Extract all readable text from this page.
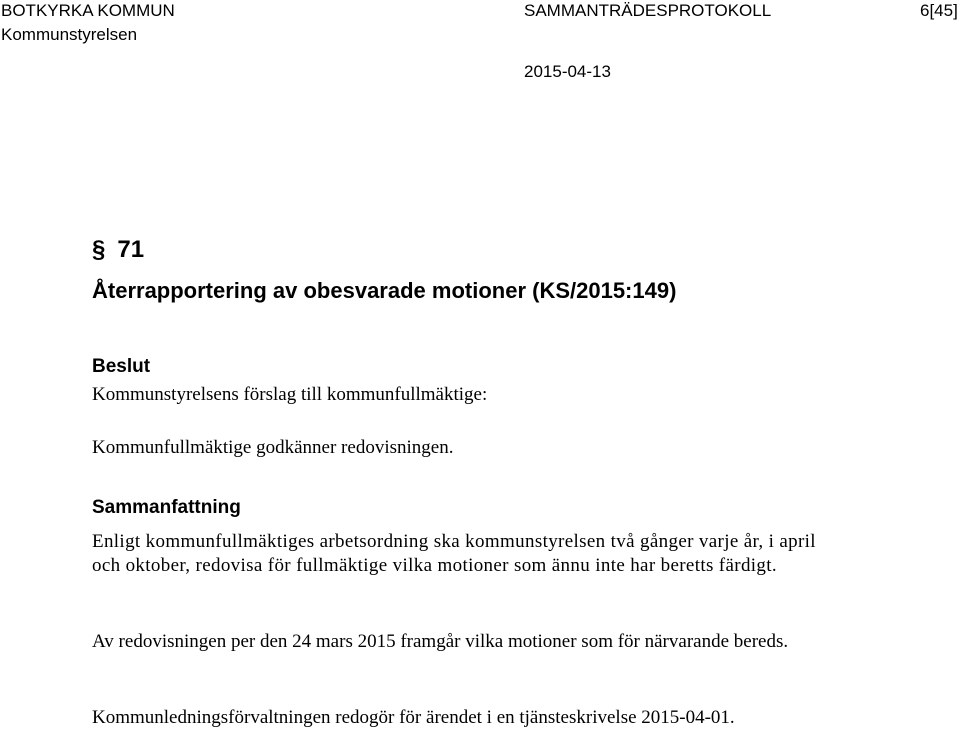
BOTKYRKA KOMMUN	SAMMANTRÄDESPROTOKOLL	6[45]
Kommunstyrelsen
2015-04-13
§ 71
Återrapportering av obesvarade motioner (KS/2015:149)
Beslut

Kommunstyrelsens förslag till kommunfullmäktige:

Kommunfullmäktige godkänner redovisningen.

Sammanfattning

Enligt kommunfullmäktiges arbetsordning ska kommunstyrelsen två gånger varje år, i april och oktober, redovisa för fullmäktige vilka motioner som ännu inte har beretts färdigt.

Av redovisningen per den 24 mars 2015 framgår vilka motioner som för närvarande bereds.

Kommunledningsförvaltningen redogör för ärendet i en tjänsteskrivelse 2015-04-01.
